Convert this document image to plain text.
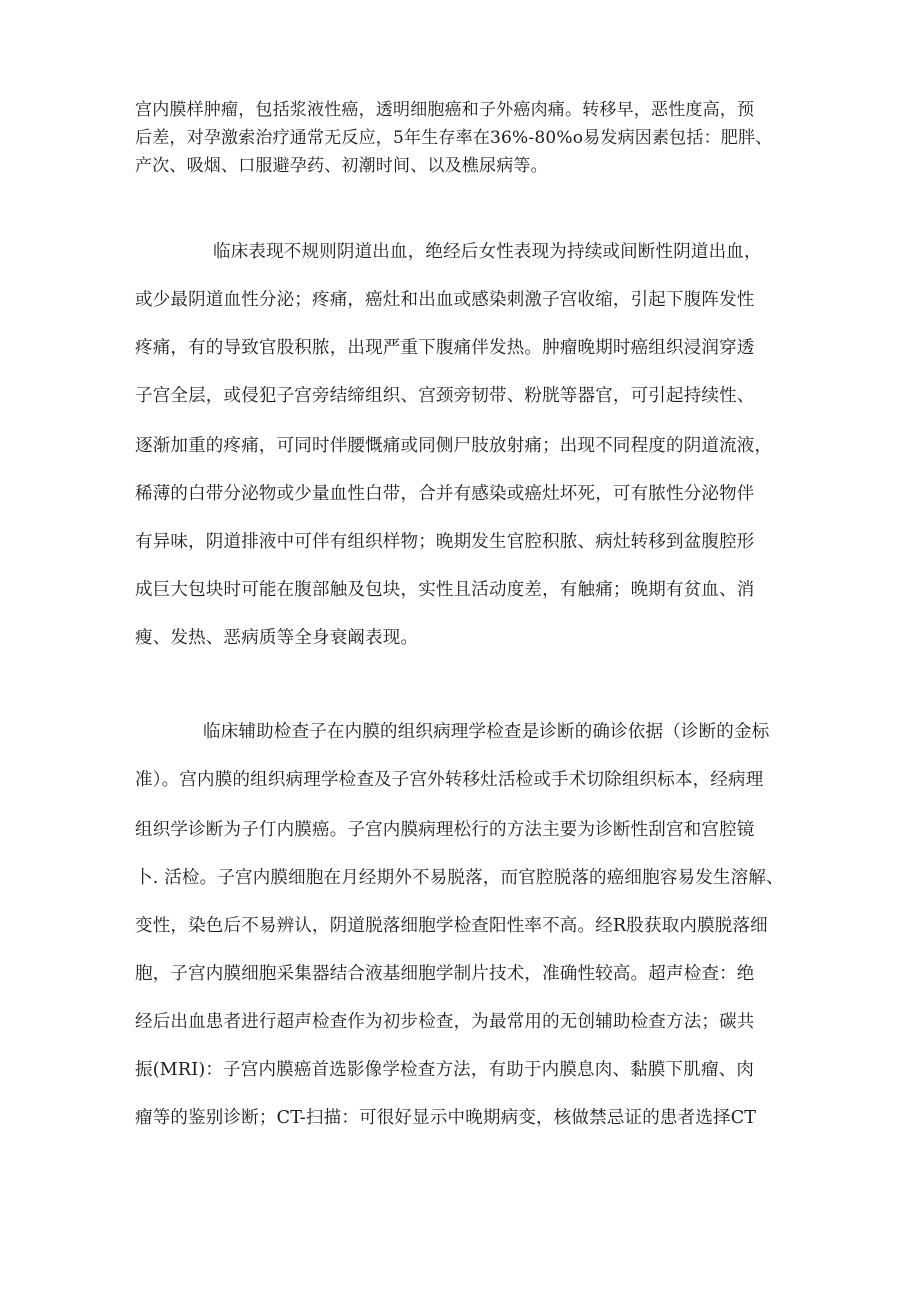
宫内膜样肿瘤，包括浆液性癌，透明细胞癌和子外癌肉痛。转移早，恶性度高，预
后差，对孕激索治疗通常无反应，5年生存率在36%-80%o易发病因素包括：肥胖、
产次、吸烟、口服避孕药、初潮时间、以及樵尿病等。
临床表现不规则阴道出血，绝经后女性表现为持续或间断性阴道出血，
或少最阴道血性分泌；疼痛，癌灶和出血或感染刺激子宫收缩，引起下腹阵发性
疼痛，有的导致官股积脓，出现严重下腹痛伴发热。肿瘤晚期时癌组织浸润穿透
子宫全层，或侵犯子宫旁结缔组织、宫颈旁韧带、粉胱等器官，可引起持续性、
逐渐加重的疼痛，可同时伴腰慨痛或同侧尸肢放射痛；出现不同程度的阴道流液，
稀薄的白带分泌物或少量血性白带，合并有感染或癌灶坏死，可有脓性分泌物伴
有异味，阴道排液中可伴有组织样物；晚期发生官腔积脓、病灶转移到盆腹腔形
成巨大包块时可能在腹部触及包块，实性且活动度差，有触痛；晚期有贫血、消
瘦、发热、恶病质等全身衰阚表现。
临床辅助检查子在内膜的组织病理学检查是诊断的确诊依据（诊断的金标
准）。宫内膜的组织病理学检查及子宫外转移灶活检或手术切除组织标本，经病理
组织学诊断为子仃内膜癌。子宫内膜病理松行的方法主要为诊断性刮宫和宫腔镜
卜. 活检。子宫内膜细胞在月经期外不易脱落，而官腔脱落的癌细胞容易发生溶解、
变性，染色后不易辨认，阴道脱落细胞学检查阳性率不高。经R股获取内膜脱落细
胞，子宫内膜细胞采集器结合液基细胞学制片技术，准确性较高。超声检查：绝
经后出血患者进行超声检查作为初步检查，为最常用的无创辅助检查方法；碳共
振(MRI)：子宫内膜癌首选影像学检查方法，有助于内膜息肉、黏膜下肌瘤、肉
瘤等的鉴别诊断；CT-扫描：可很好显示中晚期病变，核做禁忌证的患者选择CT
